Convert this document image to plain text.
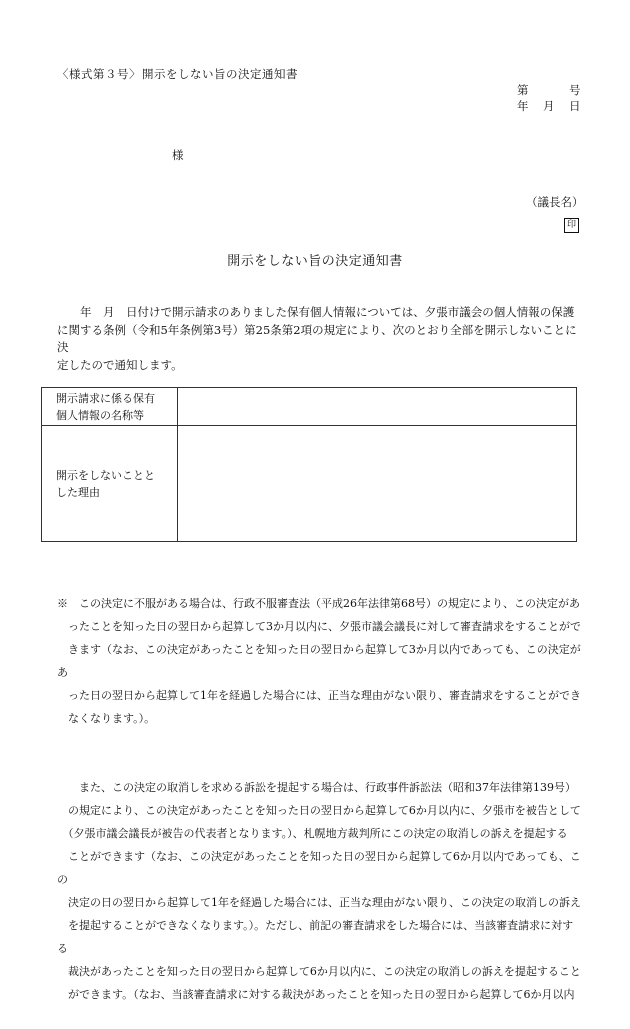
〈様式第３号〉 開示をしない旨の決定通知書
第	号
年 月 日
様
（議長名）
印
開示をしない旨の決定通知書
　　年　月　日付けで開示請求のありました保有個人情報については、夕張市議会の個人情報の保護
に関する条例（令和5年条例第3号）第25条第2項の規定により、次のとおり全部を開示しないことに決
定したので通知します。
開示請求に係る保有
個人情報の名称等	
開示をしないことと
した理由	

※　この決定に不服がある場合は、行政不服審査法（平成26年法律第68号）の規定により、この決定があ
　ったことを知った日の翌日から起算して3か月以内に、夕張市議会議長に対して審査請求をすることがで
　きます（なお、この決定があったことを知った日の翌日から起算して3か月以内であっても、この決定があ
　った日の翌日から起算して1年を経過した場合には、正当な理由がない限り、審査請求をすることができ
　なくなります。）。

　　また、この決定の取消しを求める訴訟を提起する場合は、行政事件訴訟法（昭和37年法律第139号）
　の規定により、この決定があったことを知った日の翌日から起算して6か月以内に、夕張市を被告として
　（夕張市議会議長が被告の代表者となります。）、札幌地方裁判所にこの決定の取消しの訴えを提起する
　ことができます（なお、この決定があったことを知った日の翌日から起算して6か月以内であっても、この
　決定の日の翌日から起算して1年を経過した場合には、正当な理由がない限り、この決定の取消しの訴え
　を提起することができなくなります。）。ただし、前記の審査請求をした場合には、当該審査請求に対する
　裁決があったことを知った日の翌日から起算して6か月以内に、この決定の取消しの訴えを提起すること
　ができます。（なお、当該審査請求に対する裁決があったことを知った日の翌日から起算して6か月以内
